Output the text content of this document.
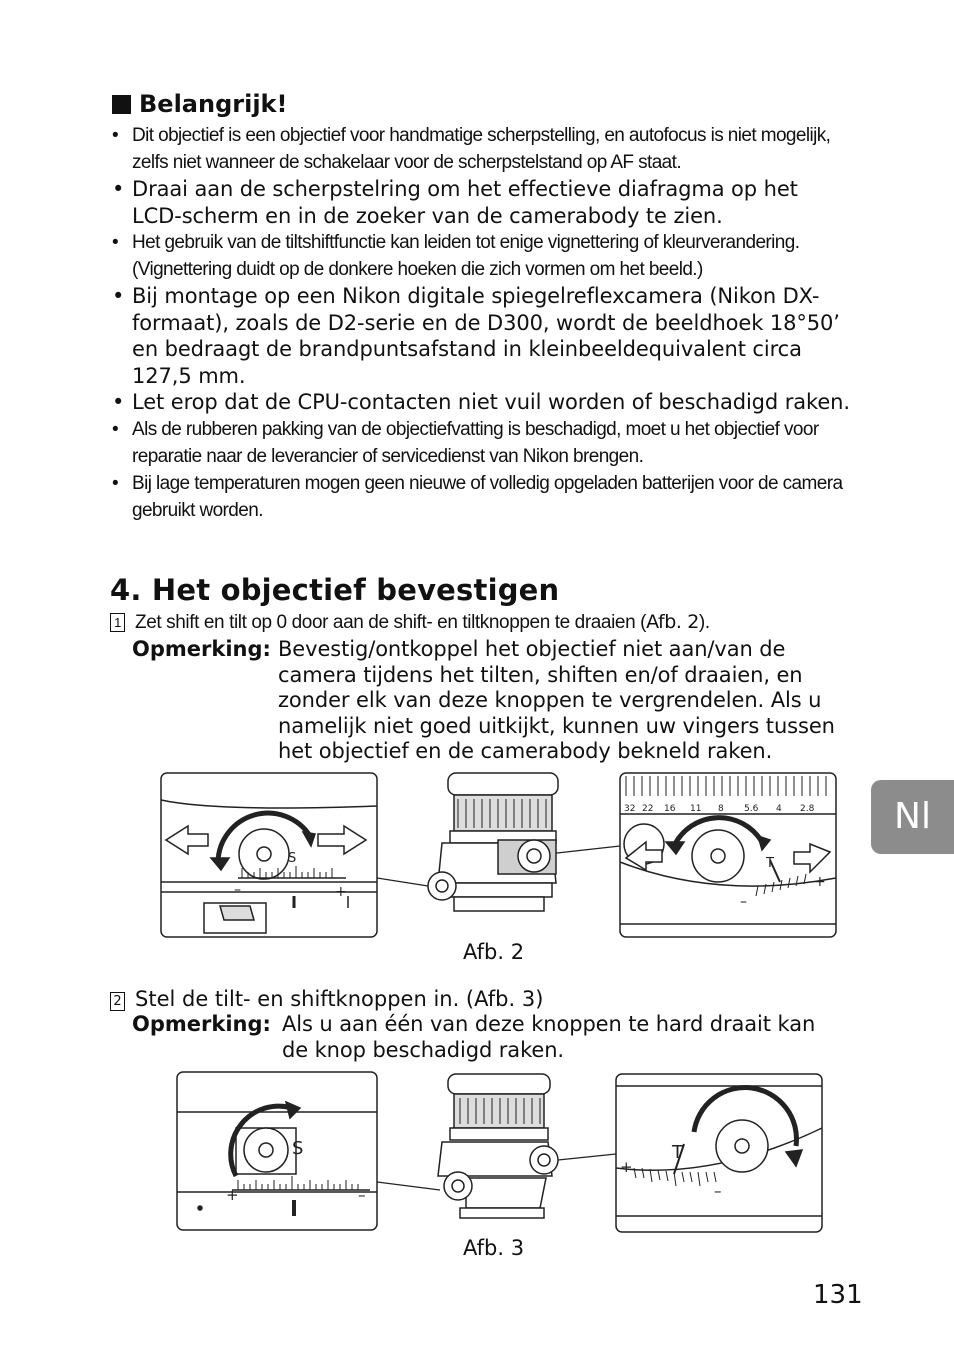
Belangrijk!
• Dit objectief is een objectief voor handmatige scherpstelling, en autofocus is niet mogelijk, zelfs niet wanneer de schakelaar voor de scherpstelstand op AF staat.
• Draai aan de scherpstelring om het effectieve diafragma op het LCD-scherm en in de zoeker van de camerabody te zien.
• Het gebruik van de tiltshiftfunctie kan leiden tot enige vignettering of kleurverandering. (Vignettering duidt op de donkere hoeken die zich vormen om het beeld.)
• Bij montage op een Nikon digitale spiegelreflexcamera (Nikon DX-formaat), zoals de D2-serie en de D300, wordt de beeldhoek 18°50’ en bedraagt de brandpuntsafstand in kleinbeeldequivalent circa 127,5 mm.
• Let erop dat de CPU-contacten niet vuil worden of beschadigd raken.
• Als de rubberen pakking van de objectiefvatting is beschadigd, moet u het objectief voor reparatie naar de leverancier of servicedienst van Nikon brengen.
• Bij lage temperaturen mogen geen nieuwe of volledig opgeladen batterijen voor de camera gebruikt worden.
4. Het objectief bevestigen
1 Zet shift en tilt op 0 door aan de shift- en tiltknoppen te draaien (Afb. 2).
Opmerking: Bevestig/ontkoppel het objectief niet aan/van de
camera tijdens het tilten, shiften en/of draaien, en
zonder elk van deze knoppen te vergrendelen. Als u
namelijk niet goed uitkijkt, kunnen uw vingers tussen
het objectief en de camerabody bekneld raken.
S
–	+
32 22 16 11 8 5.6 4 2.8
T
–
+
Afb. 2
2 Stel de tilt- en shiftknoppen in. (Afb. 3)
Opmerking: Als u aan één van deze knoppen te hard draait kan
de knop beschadigd raken.
S
+	–
T
+
–
Afb. 3
Nl
131
